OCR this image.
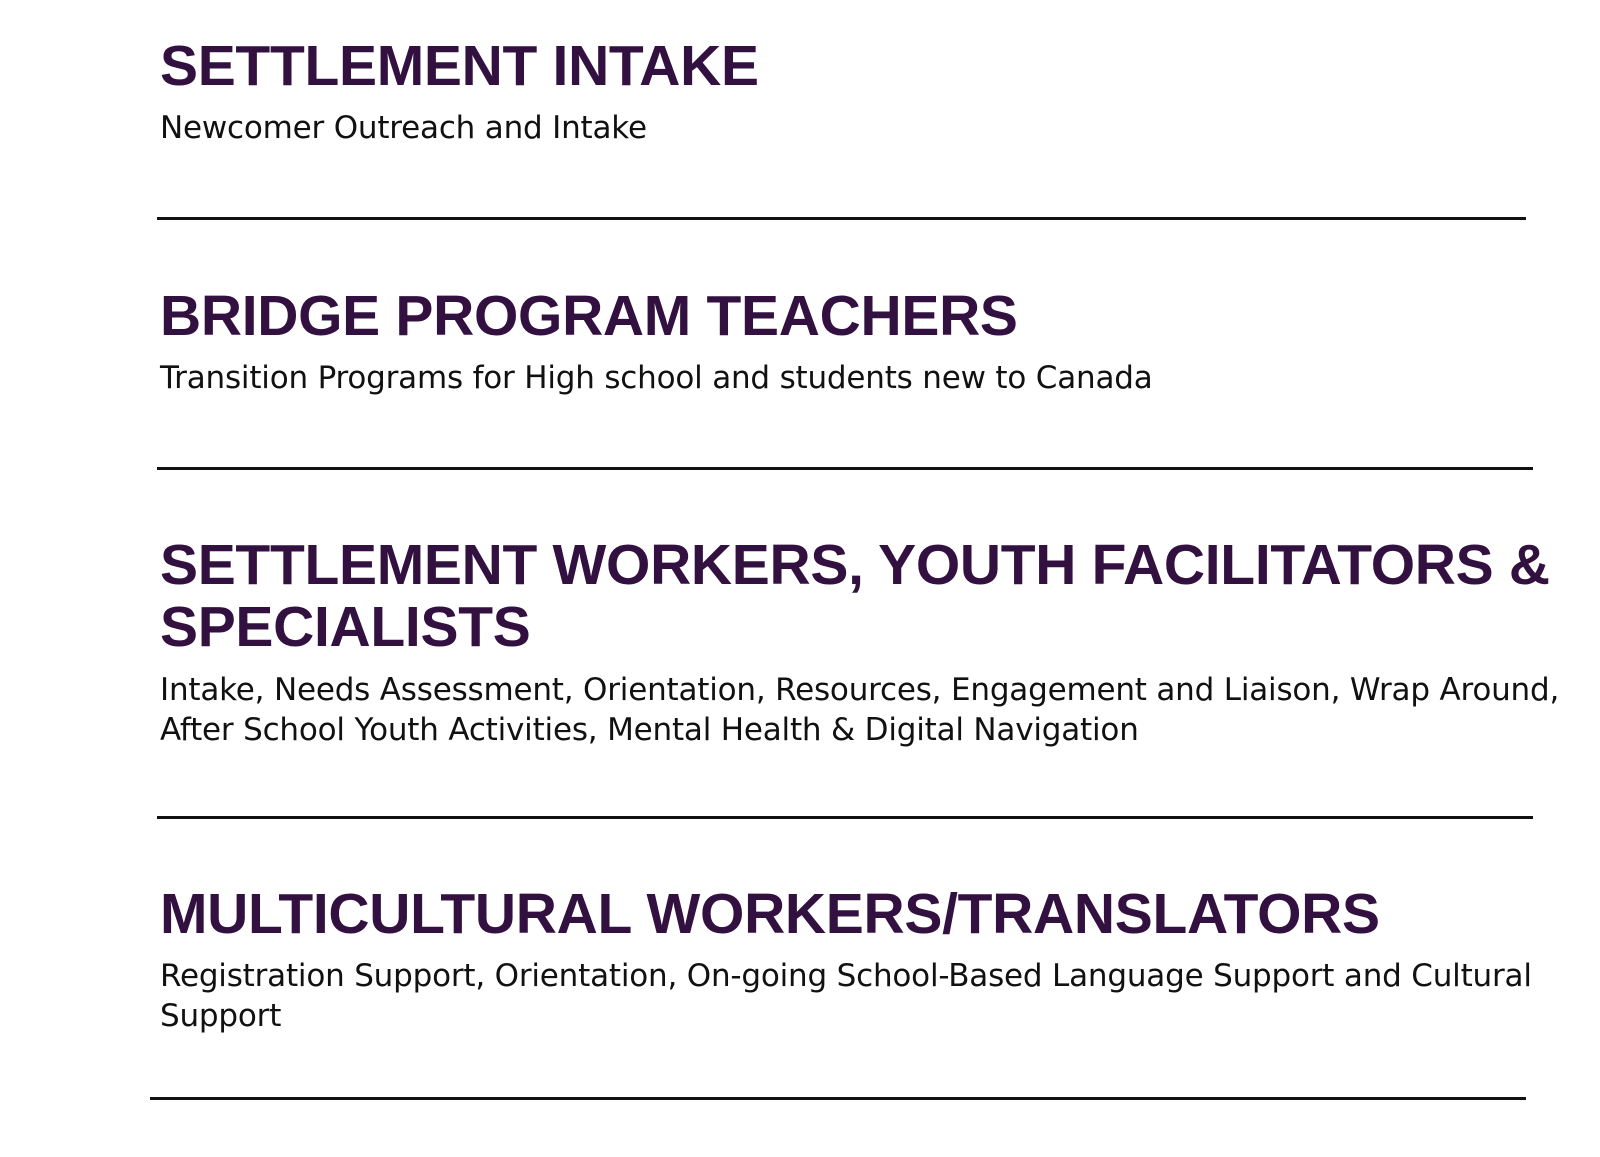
SETTLEMENT INTAKE

Newcomer Outreach and Intake

BRIDGE PROGRAM TEACHERS

Transition Programs for High school and students new to Canada

SETTLEMENT WORKERS, YOUTH FACILITATORS & SPECIALISTS

Intake, Needs Assessment, Orientation, Resources, Engagement and Liaison, Wrap Around, After School Youth Activities, Mental Health & Digital Navigation

MULTICULTURAL WORKERS/TRANSLATORS

Registration Support, Orientation, On-going School-Based Language Support and Cultural Support
